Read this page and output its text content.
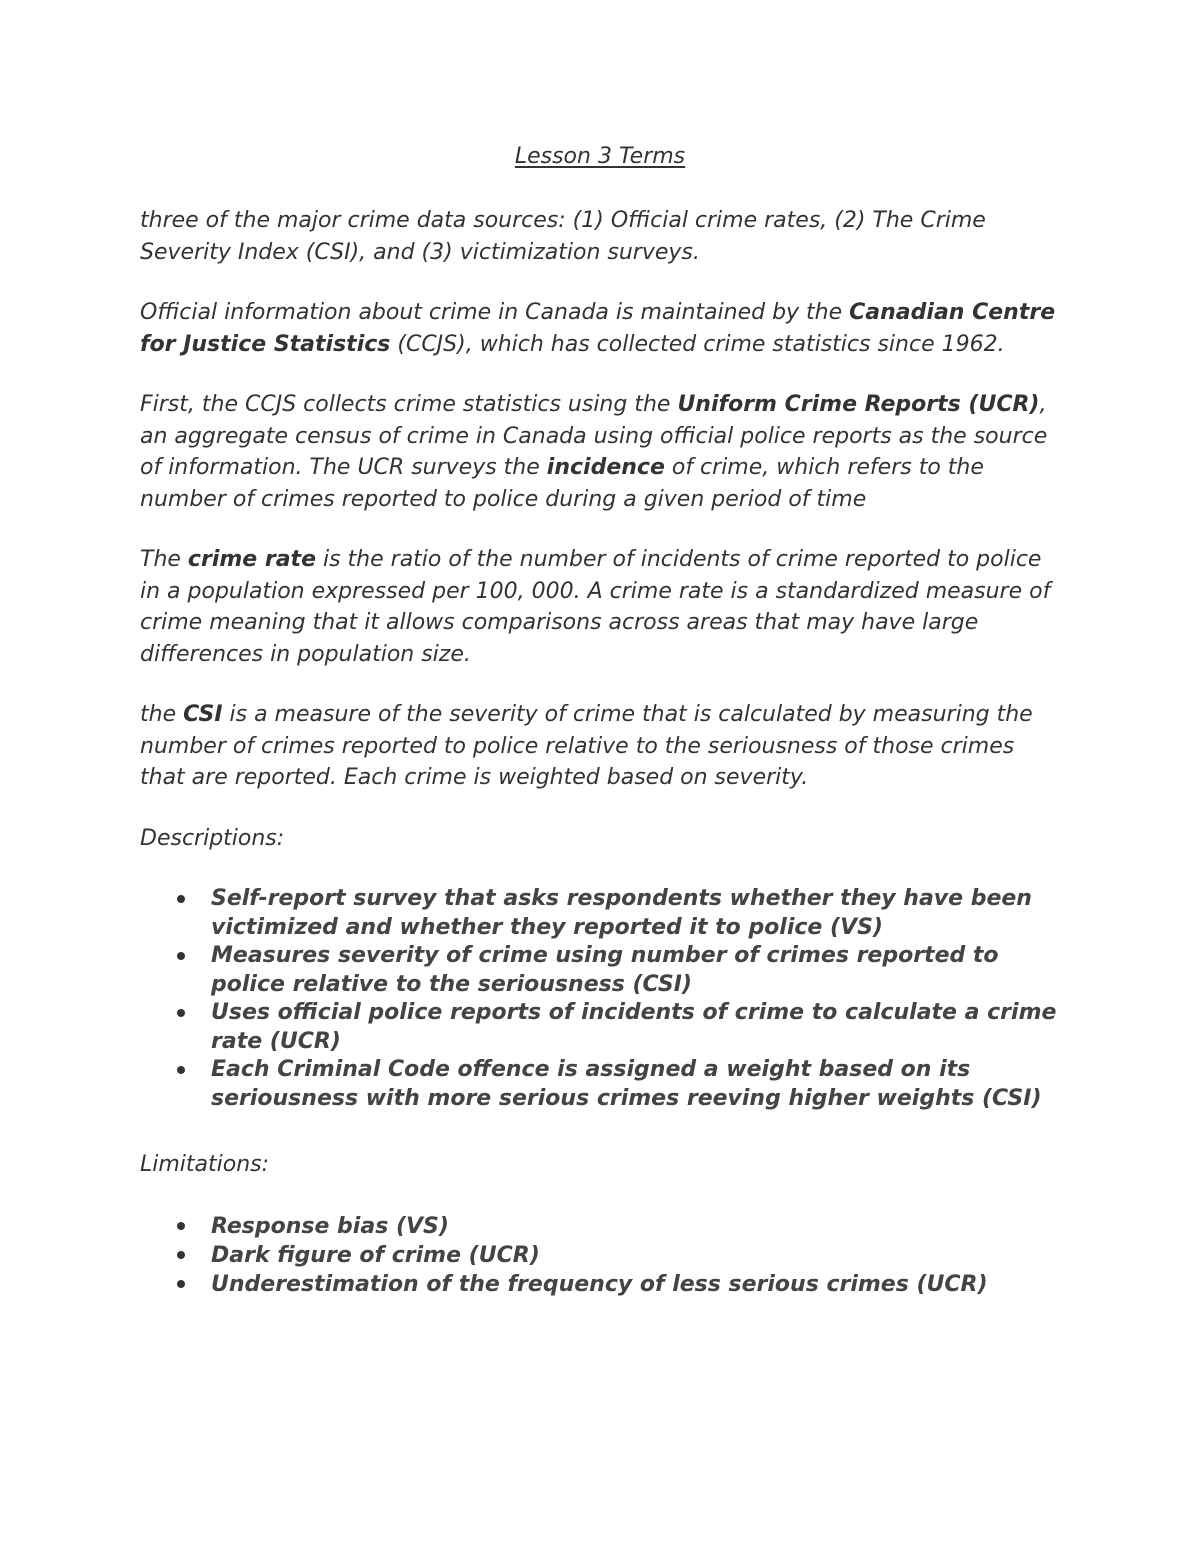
Lesson 3 Terms

three of the major crime data sources: (1) Official crime rates, (2) The Crime Severity Index (CSI), and (3) victimization surveys.

Official information about crime in Canada is maintained by the Canadian Centre for Justice Statistics (CCJS), which has collected crime statistics since 1962.

First, the CCJS collects crime statistics using the Uniform Crime Reports (UCR), an aggregate census of crime in Canada using official police reports as the source of information. The UCR surveys the incidence of crime, which refers to the number of crimes reported to police during a given period of time

The crime rate is the ratio of the number of incidents of crime reported to police in a population expressed per 100, 000. A crime rate is a standardized measure of crime meaning that it allows comparisons across areas that may have large differences in population size.

the CSI is a measure of the severity of crime that is calculated by measuring the number of crimes reported to police relative to the seriousness of those crimes that are reported. Each crime is weighted based on severity.

Descriptions:

Self-report survey that asks respondents whether they have been victimized and whether they reported it to police (VS)
Measures severity of crime using number of crimes reported to police relative to the seriousness (CSI)
Uses official police reports of incidents of crime to calculate a crime rate (UCR)
Each Criminal Code offence is assigned a weight based on its seriousness with more serious crimes reeving higher weights (CSI)

Limitations:

Response bias (VS)
Dark figure of crime (UCR)
Underestimation of the frequency of less serious crimes (UCR)
